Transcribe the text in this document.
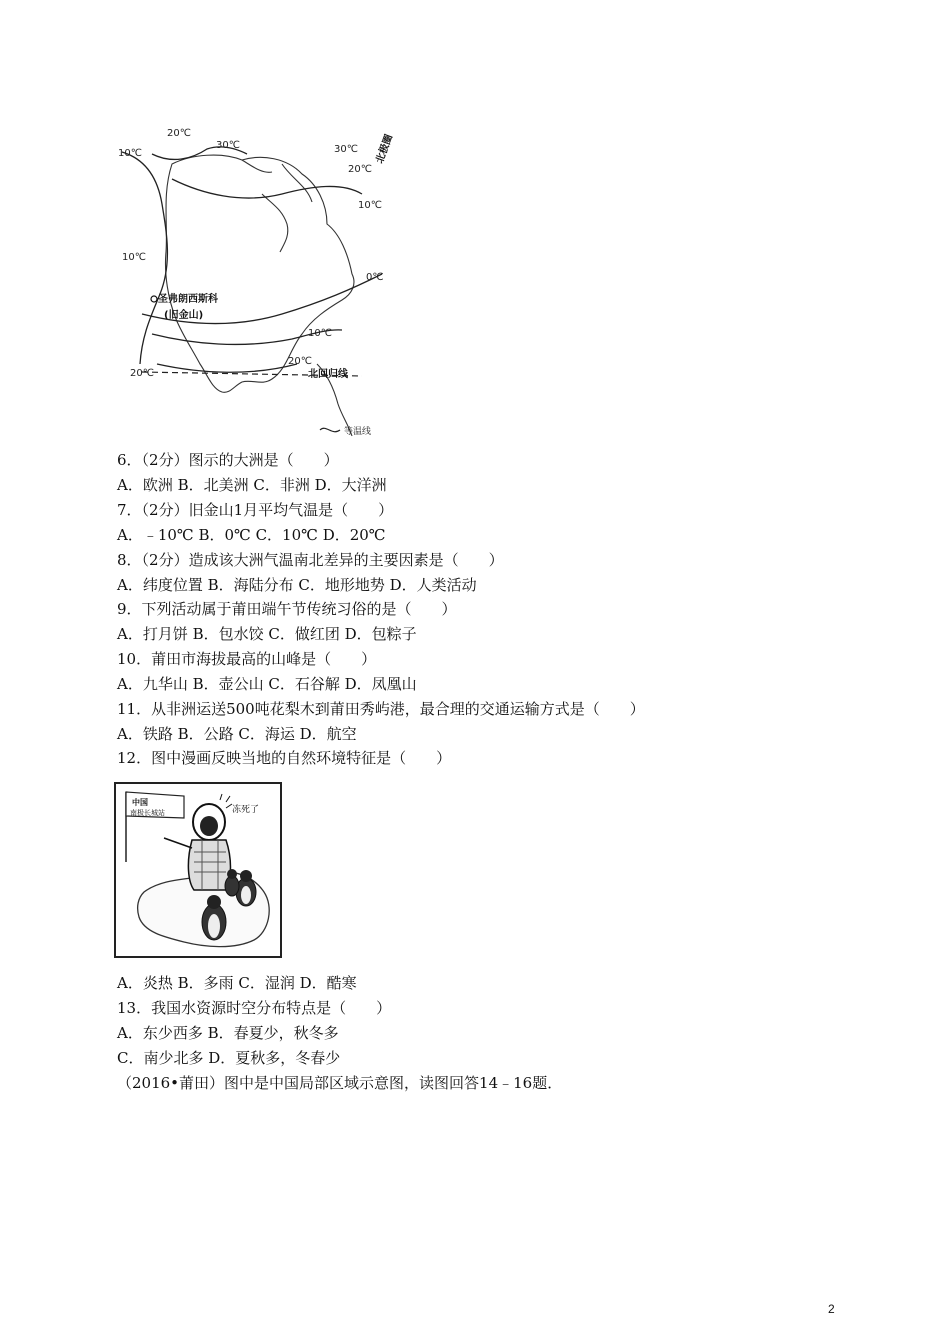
20℃
10℃
30℃	30℃
20℃
10℃
10℃
0℃
10℃
20℃
20℃
圣弗朗西斯科
(旧金山)
北回归线
北极圈
等温线
6．（2分）图示的大洲是（　　）
A．欧洲 B．北美洲 C．非洲 D．大洋洲
7．（2分）旧金山1月平均气温是（　　）
A．﹣10℃ B．0℃ C．10℃ D．20℃
8．（2分）造成该大洲气温南北差异的主要因素是（　　）
A．纬度位置 B．海陆分布 C．地形地势 D．人类活动
9．下列活动属于莆田端午节传统习俗的是（　　）
A．打月饼 B．包水饺 C．做红团 D．包粽子
10．莆田市海拔最高的山峰是（　　）
A．九华山 B．壶公山 C．石谷解 D．凤凰山
11．从非洲运送500吨花梨木到莆田秀屿港，最合理的交通运输方式是（　　）
A．铁路 B．公路 C．海运 D．航空
12．图中漫画反映当地的自然环境特征是（　　）
中国
南极长城站	冻死了
A．炎热 B．多雨 C．湿润 D．酷寒
13．我国水资源时空分布特点是（　　）
A．东少西多 B．春夏少，秋冬多
C．南少北多 D．夏秋多，冬春少
（2016•莆田）图中是中国局部区域示意图，读图回答14﹣16题．
2
